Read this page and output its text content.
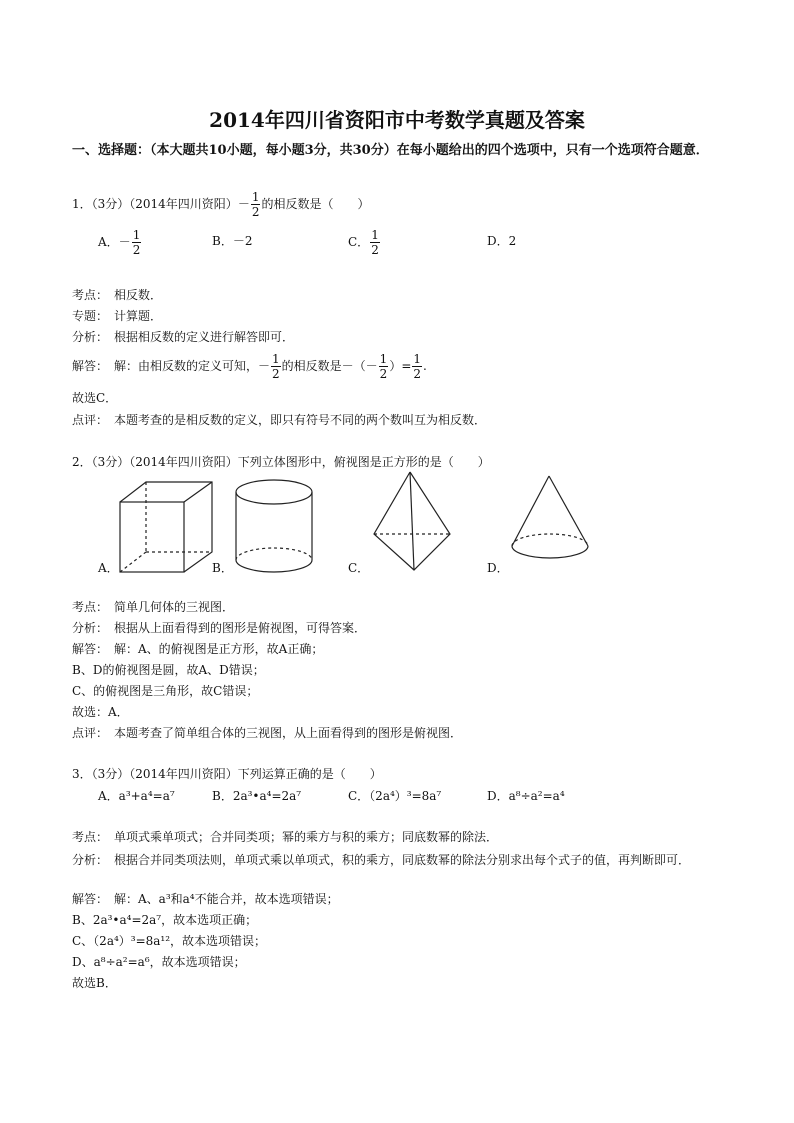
2014年四川省资阳市中考数学真题及答案
一、选择题：（本大题共10小题，每小题3分，共30分）在每小题给出的四个选项中，只有一个选项符合题意．
1．（3分）（2014年四川资阳）－ $\frac{1}{2}$ 的相反数是（　　）
A．－ $\frac{1}{2}$	B．－2	C． $\frac{1}{2}$	D．2
考点：　相反数．
专题：　计算题．
分析：　根据相反数的定义进行解答即可．
解答：　解：由相反数的定义可知，－ $\frac{1}{2}$ 的相反数是－（－ $\frac{1}{2}$ ）= $\frac{1}{2}$ .
故选C．
点评：　本题考查的是相反数的定义，即只有符号不同的两个数叫互为相反数．
2．（3分）（2014年四川资阳）下列立体图形中，俯视图是正方形的是（　　）
A．	B．	C．	D．
考点：　简单几何体的三视图．
分析：　根据从上面看得到的图形是俯视图，可得答案．
解答：　解：A、的俯视图是正方形，故A正确；
B、D的俯视图是圆，故A、D错误；
C、的俯视图是三角形，故C错误；
故选：A．
点评：　本题考查了简单组合体的三视图，从上面看得到的图形是俯视图．
3．（3分）（2014年四川资阳）下列运算正确的是（　　）
A．a³+a⁴=a⁷	B．2a³•a⁴=2a⁷	C．（2a⁴）³=8a⁷	D．a⁸÷a²=a⁴
考点：　单项式乘单项式；合并同类项；幂的乘方与积的乘方；同底数幂的除法．
分析：　根据合并同类项法则，单项式乘以单项式，积的乘方，同底数幂的除法分别求出每个式子的值，再判断即可．
解答：　解：A、a³和a⁴不能合并，故本选项错误；
B、2a³•a⁴=2a⁷，故本选项正确；
C、（2a⁴）³=8a¹²，故本选项错误；
D、a⁸÷a²=a⁶，故本选项错误；
故选B．
